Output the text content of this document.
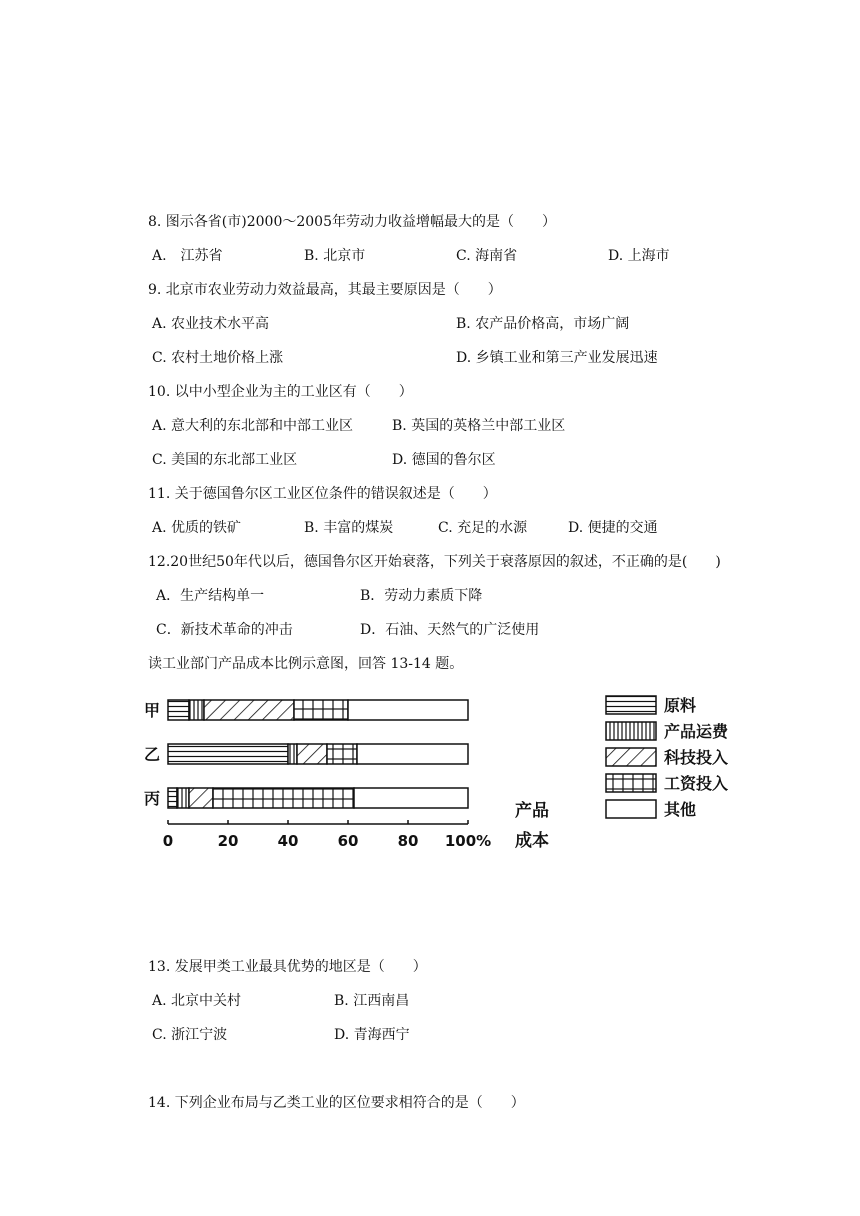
8. 图示各省(市)2000～2005年劳动力收益增幅最大的是（　　）
A.　江苏省	B. 北京市	C. 海南省	D. 上海市
9. 北京市农业劳动力效益最高，其最主要原因是（　　）
A. 农业技术水平高	B. 农产品价格高，市场广阔
C. 农村土地价格上涨	D. 乡镇工业和第三产业发展迅速
10. 以中小型企业为主的工业区有（　　）
A. 意大利的东北部和中部工业区	B. 英国的英格兰中部工业区
C. 美国的东北部工业区	D. 德国的鲁尔区
11. 关于德国鲁尔区工业区位条件的错误叙述是（　　）
A. 优质的铁矿	B. 丰富的煤炭	C. 充足的水源	D. 便捷的交通
12.20世纪50年代以后，德国鲁尔区开始衰落，下列关于衰落原因的叙述，不正确的是(　　)
A．生产结构单一	B．劳动力素质下降
C．新技术革命的冲击	D．石油、天然气的广泛使用
读工业部门产品成本比例示意图，回答 13-14 题。
甲
乙
丙
0	20	40	60	80 100%
产品
成本
原料
产品运费
科技投入
工资投入
其他
13. 发展甲类工业最具优势的地区是（　　）
A. 北京中关村	B. 江西南昌
C. 浙江宁波	D. 青海西宁
14. 下列企业布局与乙类工业的区位要求相符合的是（　　）
